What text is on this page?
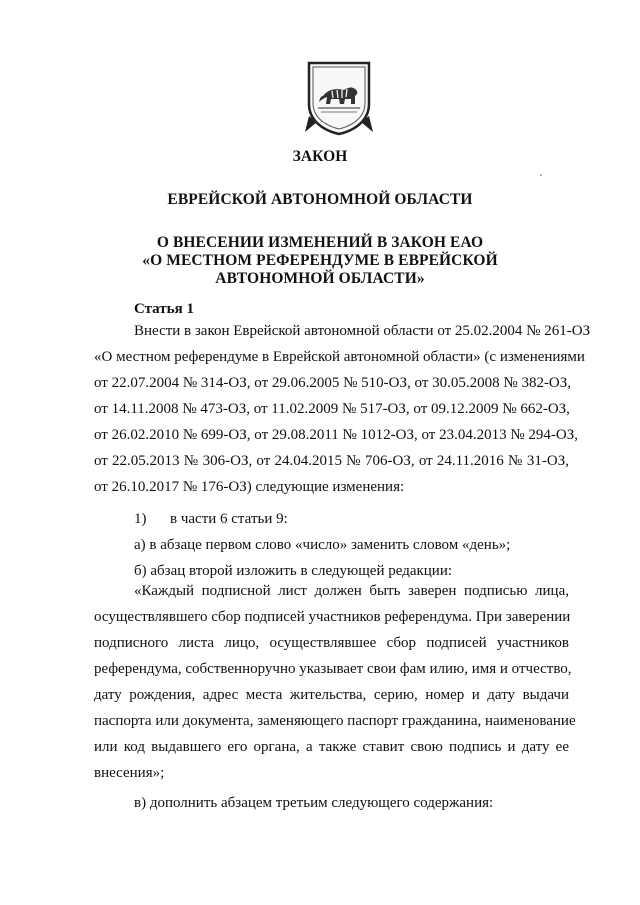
ЗАКОН
ЕВРЕЙСКОЙ АВТОНОМНОЙ ОБЛАСТИ
О ВНЕСЕНИИ ИЗМЕНЕНИЙ В ЗАКОН ЕАО
«О МЕСТНОМ РЕФЕРЕНДУМЕ В ЕВРЕЙСКОЙ
АВТОНОМНОЙ ОБЛАСТИ»
Статья 1
Внести в закон Еврейской автономной области от 25.02.2004 № 261-ОЗ
«О местном референдуме в Еврейской автономной области» (с изменениями
от 22.07.2004 № 314-ОЗ, от 29.06.2005 № 510-ОЗ, от 30.05.2008 № 382-ОЗ,
от 14.11.2008 № 473-ОЗ, от 11.02.2009 № 517-ОЗ, от 09.12.2009 № 662-ОЗ,
от 26.02.2010 № 699-ОЗ, от 29.08.2011 № 1012-ОЗ, от 23.04.2013 № 294-ОЗ,
от 22.05.2013 № 306-ОЗ, от 24.04.2015 № 706-ОЗ, от 24.11.2016 № 31-ОЗ,
от 26.10.2017 № 176-ОЗ) следующие изменения:
1) в части 6 статьи 9:
а) в абзаце первом слово «число» заменить словом «день»;
б) абзац второй изложить в следующей редакции:
«Каждый подписной лист должен быть заверен подписью лица,
осуществлявшего сбор подписей участников референдума. При заверении
подписного листа лицо, осуществлявшее сбор подписей участников
референдума, собственноручно указывает свои фам илию, имя и отчество,
дату рождения, адрес места жительства, серию, номер и дату выдачи
паспорта или документа, заменяющего паспорт гражданина, наименование
или код выдавшего его органа, а также ставит свою подпись и дату ее
внесения»;
в) дополнить абзацем третьим следующего содержания:
